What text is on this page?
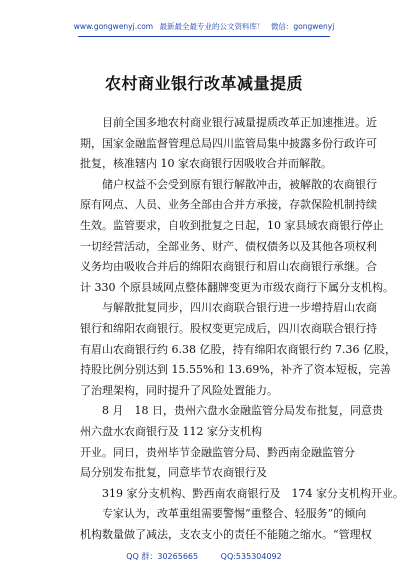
www.gongwenyj.com 最新最全最专业的公文资料库！ 微信：gongwenyj
农村商业银行改革减量提质
目前全国多地农村商业银行减量提质改革正加速推进。近
期，国家金融监督管理总局四川监管局集中披露多份行政许可
批复，核准辖内 10 家农商银行因吸收合并而解散。
储户权益不会受到原有银行解散冲击，被解散的农商银行
原有网点、人员、业务全部由合并方承接，存款保险机制持续
生效。监管要求，自收到批复之日起，10 家县域农商银行停止
一切经营活动，全部业务、财产、债权债务以及其他各项权利
义务均由吸收合并后的绵阳农商银行和眉山农商银行承继。合
计 330 个原县域网点整体翻牌变更为市级农商行下属分支机构。
与解散批复同步，四川农商联合银行进一步增持眉山农商
银行和绵阳农商银行。股权变更完成后，四川农商联合银行持
有眉山农商银行约 6.38 亿股，持有绵阳农商银行约 7.36 亿股，
持股比例分别达到 15.55%和 13.69%，补齐了资本短板，完善
了治理架构，同时提升了风险处置能力。
8 月　18 日，贵州六盘水金融监管分局发布批复，同意贵
州六盘水农商银行及 112 家分支机构
开业。同日，贵州毕节金融监管分局、黔西南金融监管分
局分别发布批复，同意毕节农商银行及
319 家分支机构、黔西南农商银行及　174 家分支机构开业。
专家认为，改革重组需要警惕“重整合、轻服务”的倾向
机构数量做了减法，支农支小的责任不能随之缩水。“管理权
QQ 群：30265665	QQ:535304092
